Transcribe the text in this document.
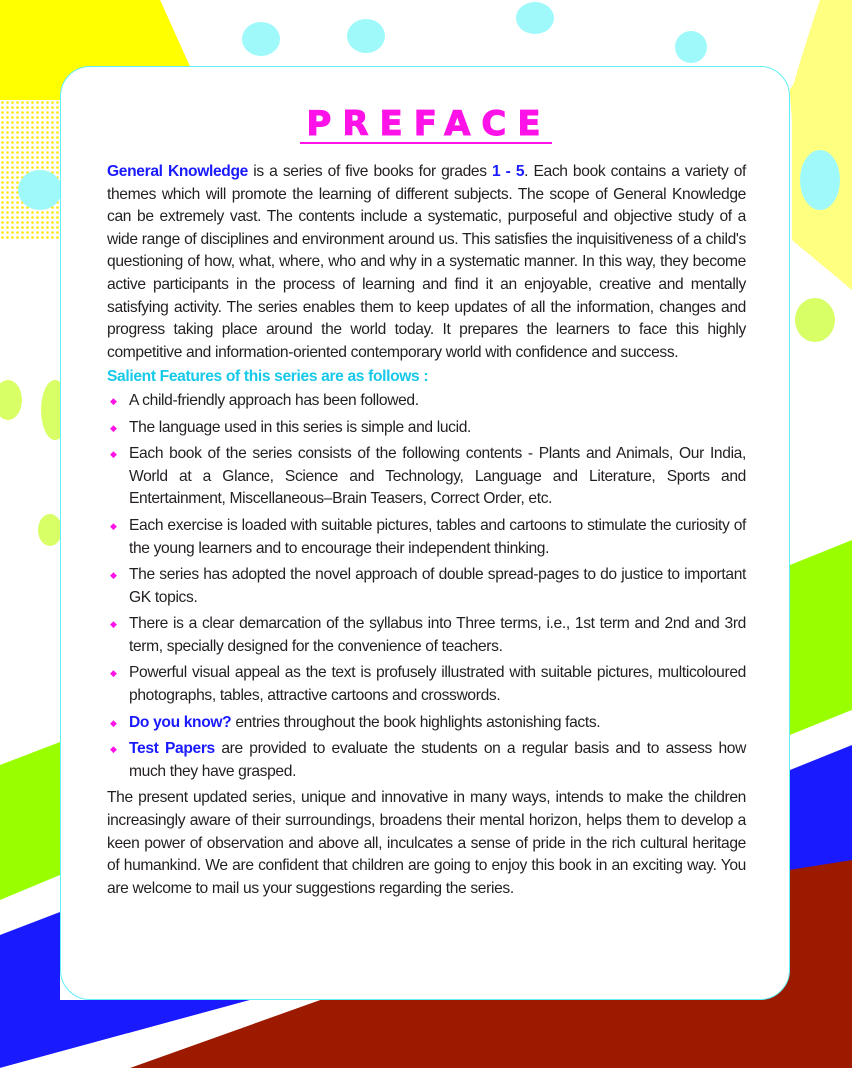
PREFACE

General Knowledge is a series of five books for grades 1 - 5. Each book contains a variety of themes which will promote the learning of different subjects. The scope of General Knowledge can be extremely vast. The contents include a systematic, purposeful and objective study of a wide range of disciplines and environment around us. This satisfies the inquisitiveness of a child's questioning of how, what, where, who and why in a systematic manner. In this way, they become active participants in the process of learning and find it an enjoyable, creative and mentally satisfying activity. The series enables them to keep updates of all the information, changes and progress taking place around the world today. It prepares the learners to face this highly competitive and information-oriented contemporary world with confidence and success.

Salient Features of this series are as follows :
◆ A child-friendly approach has been followed.
◆ The language used in this series is simple and lucid.
◆ Each book of the series consists of the following contents - Plants and Animals, Our India, World at a Glance, Science and Technology, Language and Literature, Sports and Entertainment, Miscellaneous–Brain Teasers, Correct Order, etc.
◆ Each exercise is loaded with suitable pictures, tables and cartoons to stimulate the curiosity of the young learners and to encourage their independent thinking.
◆ The series has adopted the novel approach of double spread-pages to do justice to important GK topics.
◆ There is a clear demarcation of the syllabus into Three terms, i.e., 1st term and 2nd and 3rd term, specially designed for the convenience of teachers.
◆ Powerful visual appeal as the text is profusely illustrated with suitable pictures, multicoloured photographs, tables, attractive cartoons and crosswords.
◆ Do you know? entries throughout the book highlights astonishing facts.
◆ Test Papers are provided to evaluate the students on a regular basis and to assess how much they have grasped.

The present updated series, unique and innovative in many ways, intends to make the children increasingly aware of their surroundings, broadens their mental horizon, helps them to develop a keen power of observation and above all, inculcates a sense of pride in the rich cultural heritage of humankind. We are confident that children are going to enjoy this book in an exciting way. You are welcome to mail us your suggestions regarding the series.
